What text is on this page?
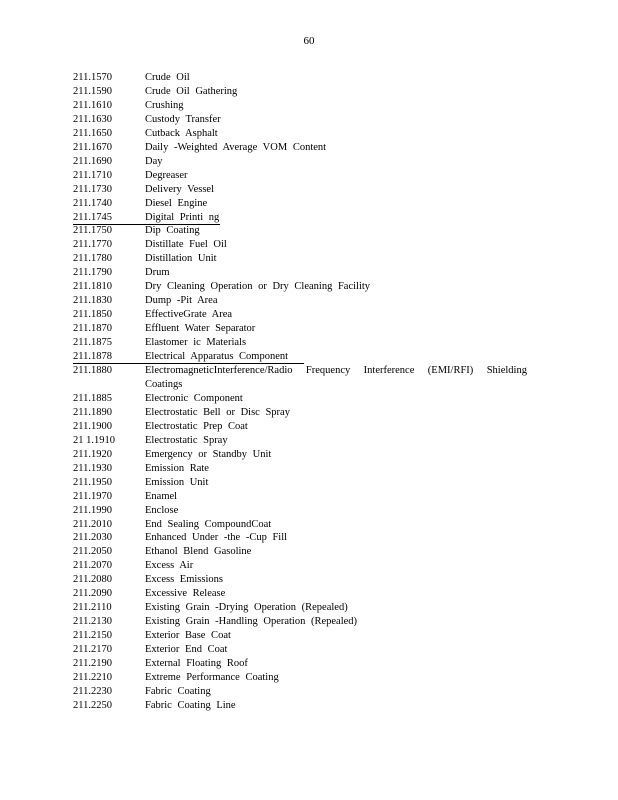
60
211.1570	Crude Oil
211.1590	Crude Oil Gathering
211.1610	Crushing
211.1630	Custody Transfer
211.1650	Cutback Asphalt
211.1670	Daily -Weighted Average VOM Content
211.1690	Day
211.1710	Degreaser
211.1730	Delivery Vessel
211.1740	Diesel Engine
211.1745	Digital Printi ng
211.1750	Dip Coating
211.1770	Distillate Fuel Oil
211.1780	Distillation Unit
211.1790	Drum
211.1810	Dry Cleaning Operation or Dry Cleaning Facility
211.1830	Dump -Pit Area
211.1850	EffectiveGrate Area
211.1870	Effluent Water Separator
211.1875	Elastomer ic Materials
211.1878	Electrical Apparatus Component
211.1880	ElectromagneticInterference/Radio Frequency Interference (EMI/RFI) Shielding
Coatings
211.1885	Electronic Component
211.1890	Electrostatic Bell or Disc Spray
211.1900	Electrostatic Prep Coat
21 1.1910	Electrostatic Spray
211.1920	Emergency or Standby Unit
211.1930	Emission Rate
211.1950	Emission Unit
211.1970	Enamel
211.1990	Enclose
211.2010	End Sealing CompoundCoat
211.2030	Enhanced Under -the -Cup Fill
211.2050	Ethanol Blend Gasoline
211.2070	Excess Air
211.2080	Excess Emissions
211.2090	Excessive Release
211.2110	Existing Grain -Drying Operation (Repealed)
211.2130	Existing Grain -Handling Operation (Repealed)
211.2150	Exterior Base Coat
211.2170	Exterior End Coat
211.2190	External Floating Roof
211.2210	Extreme Performance Coating
211.2230	Fabric Coating
211.2250	Fabric Coating Line
